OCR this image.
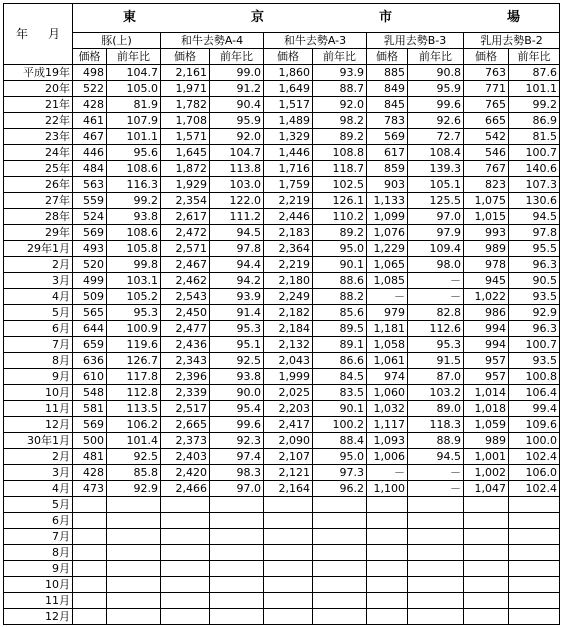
年 月	東 京 市 場									

	豚(上)		和牛去勢A-4		和牛去勢A-3		乳用去勢B-3		乳用去勢B-2	
	価格	前年比	価格	前年比	価格	前年比	価格	前年比	価格	前年比
平成19年	498	104.7	2,161	99.0	1,860	93.9	885	90.8	763	87.6
20年	522	105.0	1,971	91.2	1,649	88.7	849	95.9	771	101.1
21年	428	81.9	1,782	90.4	1,517	92.0	845	99.6	765	99.2
22年	461	107.9	1,708	95.9	1,489	98.2	783	92.6	665	86.9
23年	467	101.1	1,571	92.0	1,329	89.2	569	72.7	542	81.5
24年	446	95.6	1,645	104.7	1,446	108.8	617	108.4	546	100.7
25年	484	108.6	1,872	113.8	1,716	118.7	859	139.3	767	140.6
26年	563	116.3	1,929	103.0	1,759	102.5	903	105.1	823	107.3
27年	559	99.2	2,354	122.0	2,219	126.1	1,133	125.5	1,075	130.6
28年	524	93.8	2,617	111.2	2,446	110.2	1,099	97.0	1,015	94.5
29年	569	108.6	2,472	94.5	2,183	89.2	1,076	97.9	993	97.8
29年1月	493	105.8	2,571	97.8	2,364	95.0	1,229	109.4	989	95.5
2月	520	99.8	2,467	94.4	2,219	90.1	1,065	98.0	978	96.3
3月	499	103.1	2,462	94.2	2,180	88.6	1,085	－	945	90.5
4月	509	105.2	2,543	93.9	2,249	88.2	－	－	1,022	93.5
5月	565	95.3	2,450	91.4	2,182	85.6	979	82.8	986	92.9
6月	644	100.9	2,477	95.3	2,184	89.5	1,181	112.6	994	96.3
7月	659	119.6	2,436	95.1	2,132	89.1	1,058	95.3	994	100.7
8月	636	126.7	2,343	92.5	2,043	86.6	1,061	91.5	957	93.5
9月	610	117.8	2,396	93.8	1,999	84.5	974	87.0	957	100.8
10月	548	112.8	2,339	90.0	2,025	83.5	1,060	103.2	1,014	106.4
11月	581	113.5	2,517	95.4	2,203	90.1	1,032	89.0	1,018	99.4
12月	569	106.2	2,665	99.6	2,417	100.2	1,117	118.3	1,059	109.6
30年1月	500	101.4	2,373	92.3	2,090	88.4	1,093	88.9	989	100.0
2月	481	92.5	2,403	97.4	2,107	95.0	1,006	94.5	1,001	102.4
3月	428	85.8	2,420	98.3	2,121	97.3	－	－	1,002	106.0
4月	473	92.9	2,466	97.0	2,164	96.2	1,100	－	1,047	102.4
5月										
6月										
7月										
8月										
9月										
10月										
11月										
12月										
